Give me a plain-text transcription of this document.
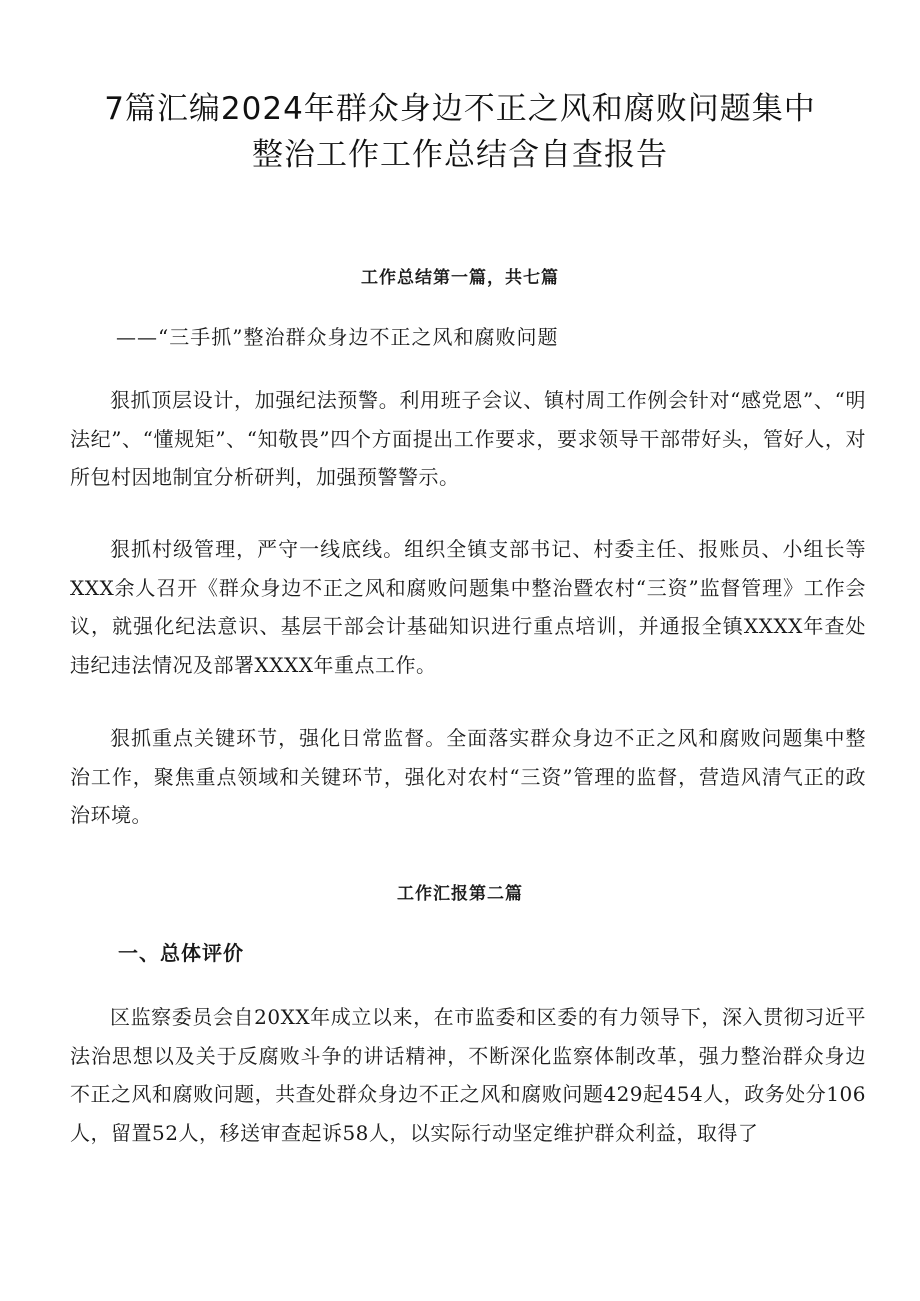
7篇汇编2024年群众身边不正之风和腐败问题集中
整治工作工作总结含自查报告
工作总结第一篇，共七篇

——“三手抓”整治群众身边不正之风和腐败问题

狠抓顶层设计，加强纪法预警。利用班子会议、镇村周工作例会针对“感党恩”、“明法纪”、“懂规矩”、“知敬畏”四个方面提出工作要求，要求领导干部带好头，管好人，对所包村因地制宜分析研判，加强预警警示。

狠抓村级管理，严守一线底线。组织全镇支部书记、村委主任、报账员、小组长等XXX余人召开《群众身边不正之风和腐败问题集中整治暨农村“三资”监督管理》工作会议，就强化纪法意识、基层干部会计基础知识进行重点培训，并通报全镇XXXX年查处违纪违法情况及部署XXXX年重点工作。

狠抓重点关键环节，强化日常监督。全面落实群众身边不正之风和腐败问题集中整治工作，聚焦重点领域和关键环节，强化对农村“三资”管理的监督，营造风清气正的政治环境。

工作汇报第二篇
一、总体评价

区监察委员会自20XX年成立以来，在市监委和区委的有力领导下，深入贯彻习近平法治思想以及关于反腐败斗争的讲话精神，不断深化监察体制改革，强力整治群众身边不正之风和腐败问题，共查处群众身边不正之风和腐败问题429起454人，政务处分106人，留置52人，移送审查起诉58人，以实际行动坚定维护群众利益，取得了
